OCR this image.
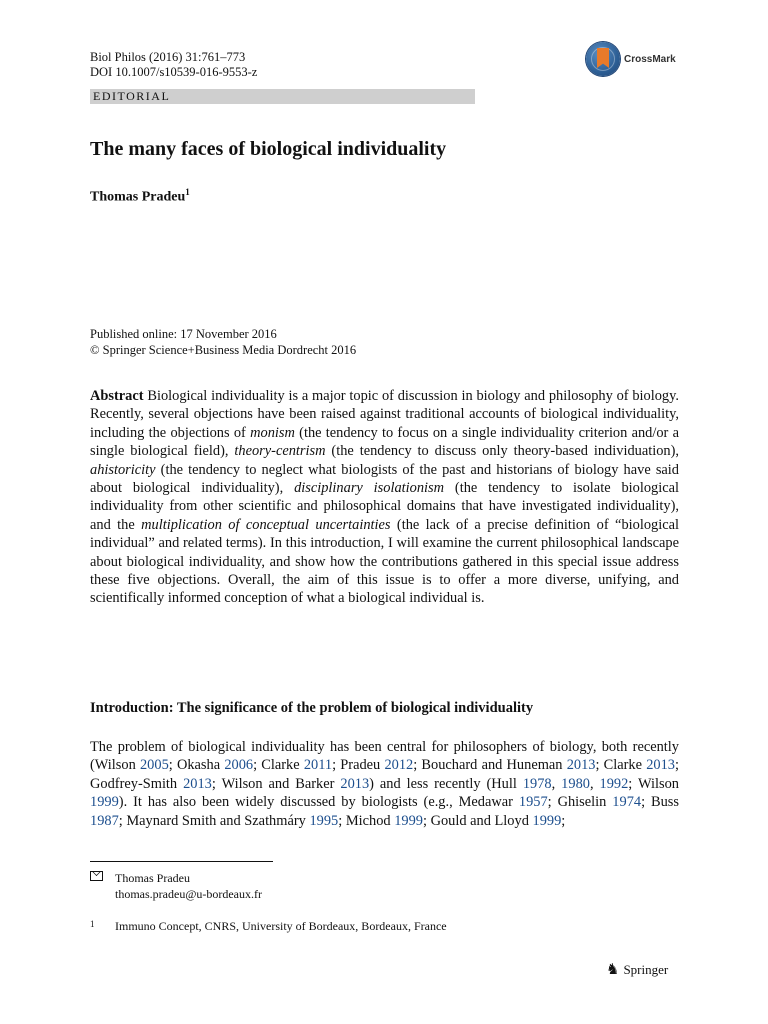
Biol Philos (2016) 31:761–773
DOI 10.1007/s10539-016-9553-z
CrossMark
EDITORIAL
The many faces of biological individuality
Thomas Pradeu$^1$
Published online: 17 November 2016
© Springer Science+Business Media Dordrecht 2016

Abstract Biological individuality is a major topic of discussion in biology and philosophy of biology. Recently, several objections have been raised against traditional accounts of biological individuality, including the objections of monism (the tendency to focus on a single individuality criterion and/or a single biological field), theory-centrism (the tendency to discuss only theory-based individuation), ahistoricity (the tendency to neglect what biologists of the past and historians of biology have said about biological individuality), disciplinary isolationism (the tendency to isolate biological individuality from other scientific and philosophical domains that have investigated individuality), and the multiplication of conceptual uncertainties (the lack of a precise definition of “biological individual” and related terms). In this introduction, I will examine the current philosophical landscape about biological individuality, and show how the contributions gathered in this special issue address these five objections. Overall, the aim of this issue is to offer a more diverse, unifying, and scientifically informed conception of what a biological individual is.

Introduction: The significance of the problem of biological individuality

The problem of biological individuality has been central for philosophers of biology, both recently (Wilson 2005; Okasha 2006; Clarke 2011; Pradeu 2012; Bouchard and Huneman 2013; Clarke 2013; Godfrey-Smith 2013; Wilson and Barker 2013) and less recently (Hull 1978, 1980, 1992; Wilson 1999). It has also been widely discussed by biologists (e.g., Medawar 1957; Ghiselin 1974; Buss 1987; Maynard Smith and Szathmáry 1995; Michod 1999; Gould and Lloyd 1999;

Thomas Pradeu
thomas.pradeu@u-bordeaux.fr
1 Immuno Concept, CNRS, University of Bordeaux, Bordeaux, France
♞ Springer
